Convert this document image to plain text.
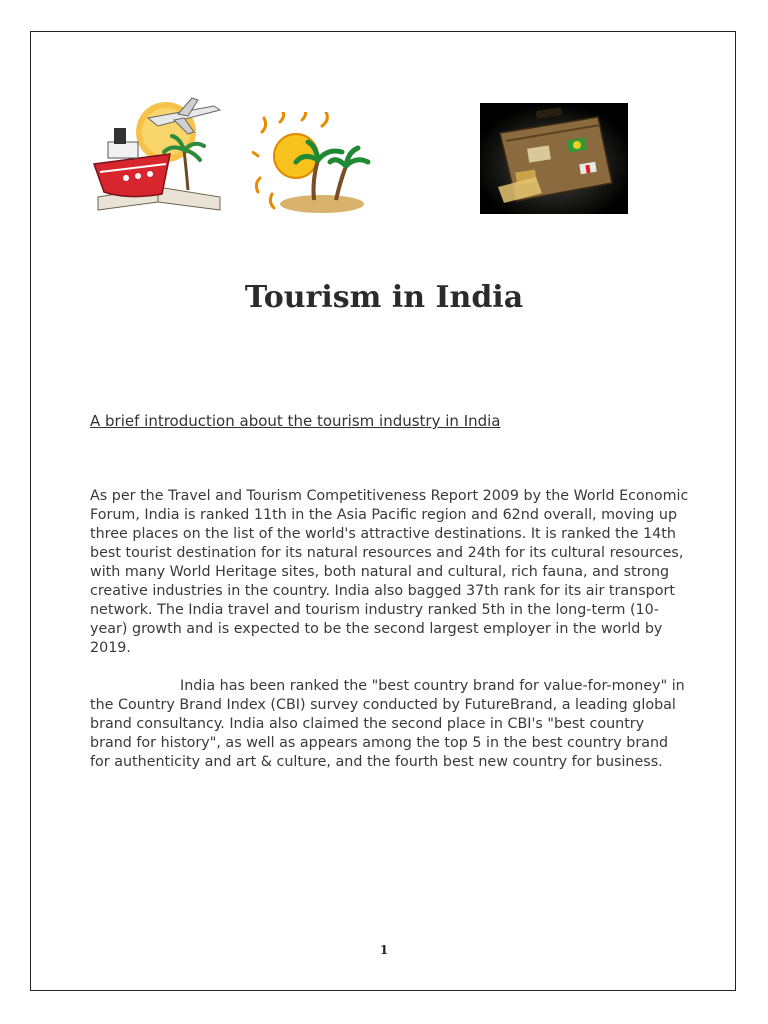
Tourism in India
A brief introduction about the tourism industry in India
As per the Travel and Tourism Competitiveness Report 2009 by the World Economic Forum, India is ranked 11th in the Asia Pacific region and 62nd overall, moving up three places on the list of the world's attractive destinations. It is ranked the 14th best tourist destination for its natural resources and 24th for its cultural resources, with many World Heritage sites, both natural and cultural, rich fauna, and strong creative industries in the country. India also bagged 37th rank for its air transport network. The India travel and tourism industry ranked 5th in the long-term (10-year) growth and is expected to be the second largest employer in the world by 2019.
India has been ranked the "best country brand for value-for-money" in the Country Brand Index (CBI) survey conducted by FutureBrand, a leading global brand consultancy. India also claimed the second place in CBI's "best country brand for history", as well as appears among the top 5 in the best country brand for authenticity and art & culture, and the fourth best new country for business.
1
